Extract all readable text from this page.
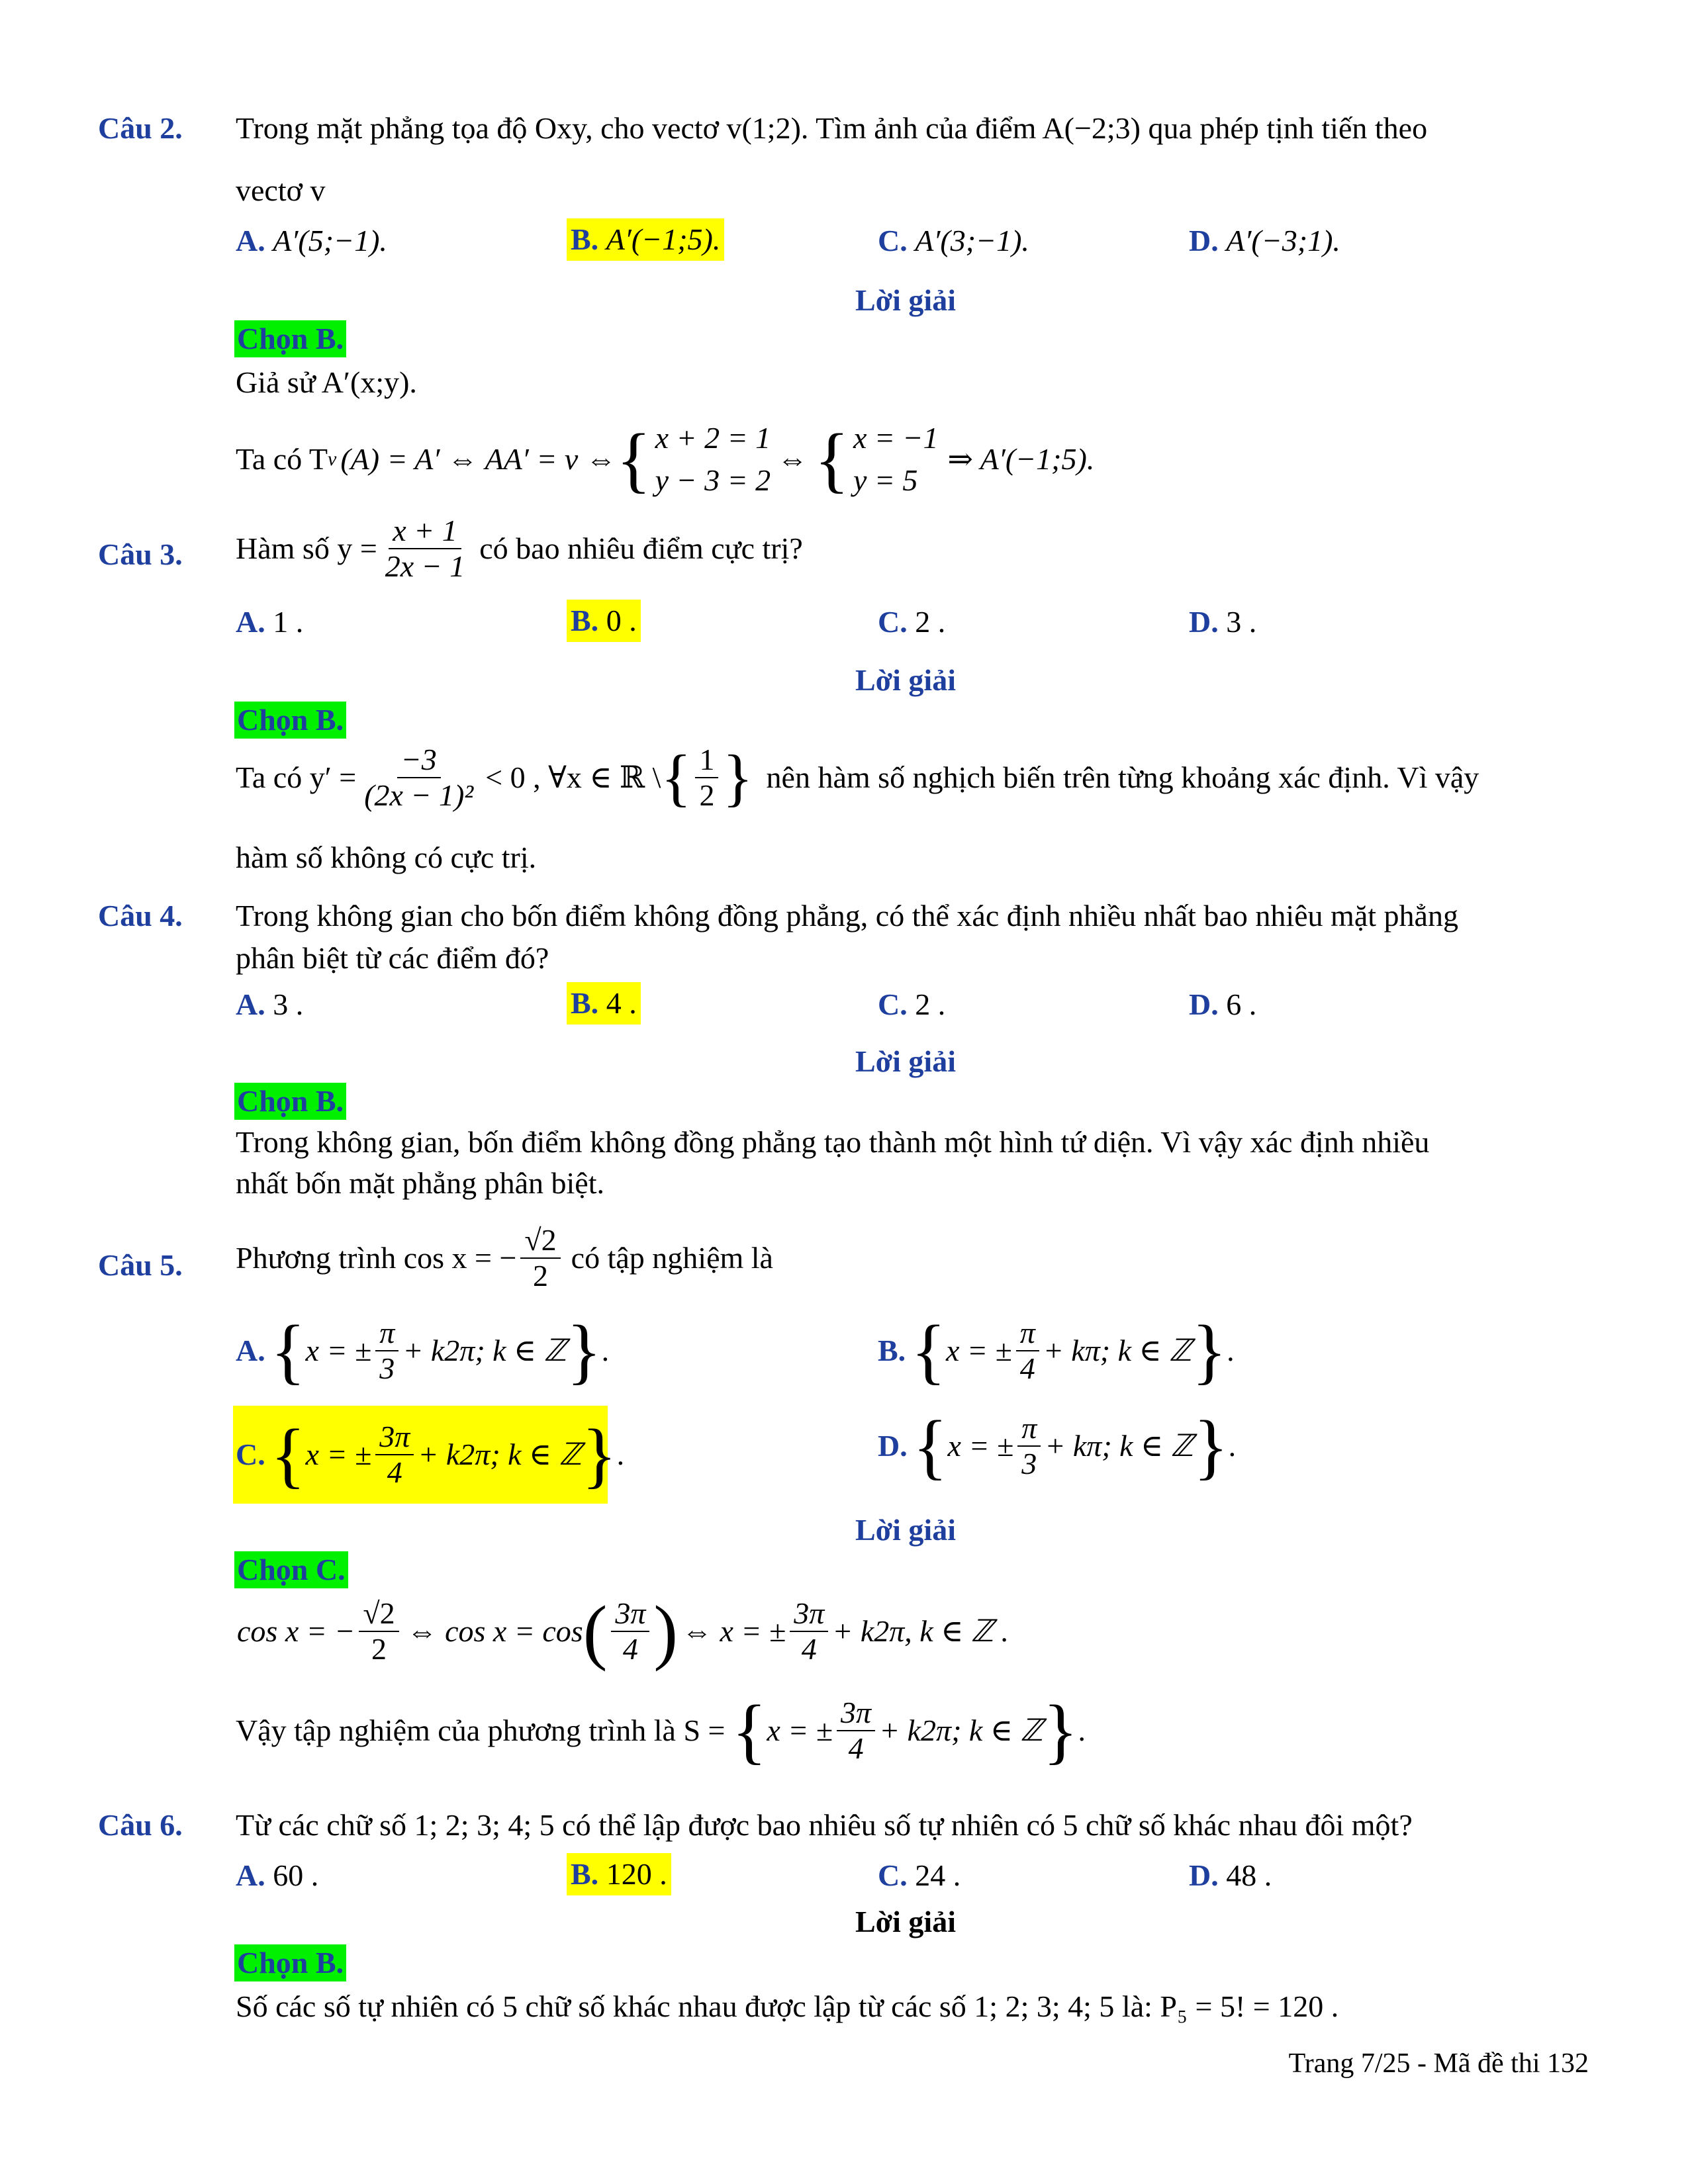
Câu 2. Trong mặt phẳng tọa độ Oxy, cho vectơ v(1;2). Tìm ảnh của điểm A(−2;3) qua phép tịnh tiến theo
vectơ v
A. A′(5;−1).	B. A′(−1;5).	C. A′(3;−1).	D. A′(−3;1).
Lời giải
Chọn B.
Giả sử A′(x;y).
Ta có T v (A) = A′ ⇔ AA′ = v ⇔ { x + 2 = 1
y − 3 = 2
⇔ { x = −1
y = 5
⇒ A′(−1;5).
Câu 3. Hàm số $y = \frac{x + 1}{2x - 1}$ có bao nhiêu điểm cực trị?
A. 1 .	B. 0 .	C. 2 .	D. 3 .
Lời giải
Chọn B.
Ta có $y' = \frac{-3}{\text{(2x − 1)²}} < 0$ , ∀x ∈ ℝ \ { $\frac{1}{2}$ } nên hàm số nghịch biến trên từng khoảng xác định. Vì vậy
hàm số không có cực trị.
Câu 4. Trong không gian cho bốn điểm không đồng phẳng, có thể xác định nhiều nhất bao nhiêu mặt phẳng
phân biệt từ các điểm đó?
A. 3 .	B. 4 .	C. 2 .	D. 6 .
Lời giải
Chọn B.
Trong không gian, bốn điểm không đồng phẳng tạo thành một hình tứ diện. Vì vậy xác định nhiều
nhất bốn mặt phẳng phân biệt.
Câu 5. Phương trình cos x = − $\frac{√2}{2}$ có tập nghiệm là
A. { x = ± $\frac{\pi}{3} + k2\pi$; k ∈ ℤ } .	B. { x = ± $\frac{\pi}{4} + k\pi$; k ∈ ℤ } .
C. { x = ± $\frac{3\pi}{4} + k2\pi$; k ∈ ℤ } .	D. { x = ± $\frac{\pi}{3} + k\pi$; k ∈ ℤ } .
Lời giải
Chọn C.
cos x = − $\frac{√2}{2}$ ⇔ cos x = cos ( $\frac{3\pi}{4}$ ) ⇔ x = ± $\frac{3\pi}{4} + k2\pi$, k ∈ ℤ .
Vậy tập nghiệm của phương trình là S = { x = ± $\frac{3\pi}{4} + k2\pi$; k ∈ ℤ } .
Câu 6. Từ các chữ số 1; 2; 3; 4; 5 có thể lập được bao nhiêu số tự nhiên có 5 chữ số khác nhau đôi một?
A. 60 .	B. 120 .	C. 24 .	D. 48 .
Lời giải
Chọn B.
Số các số tự nhiên có 5 chữ số khác nhau được lập từ các số 1; 2; 3; 4; 5 là: P₅ = 5! = 120 .
Trang 7/25 - Mã đề thi 132
